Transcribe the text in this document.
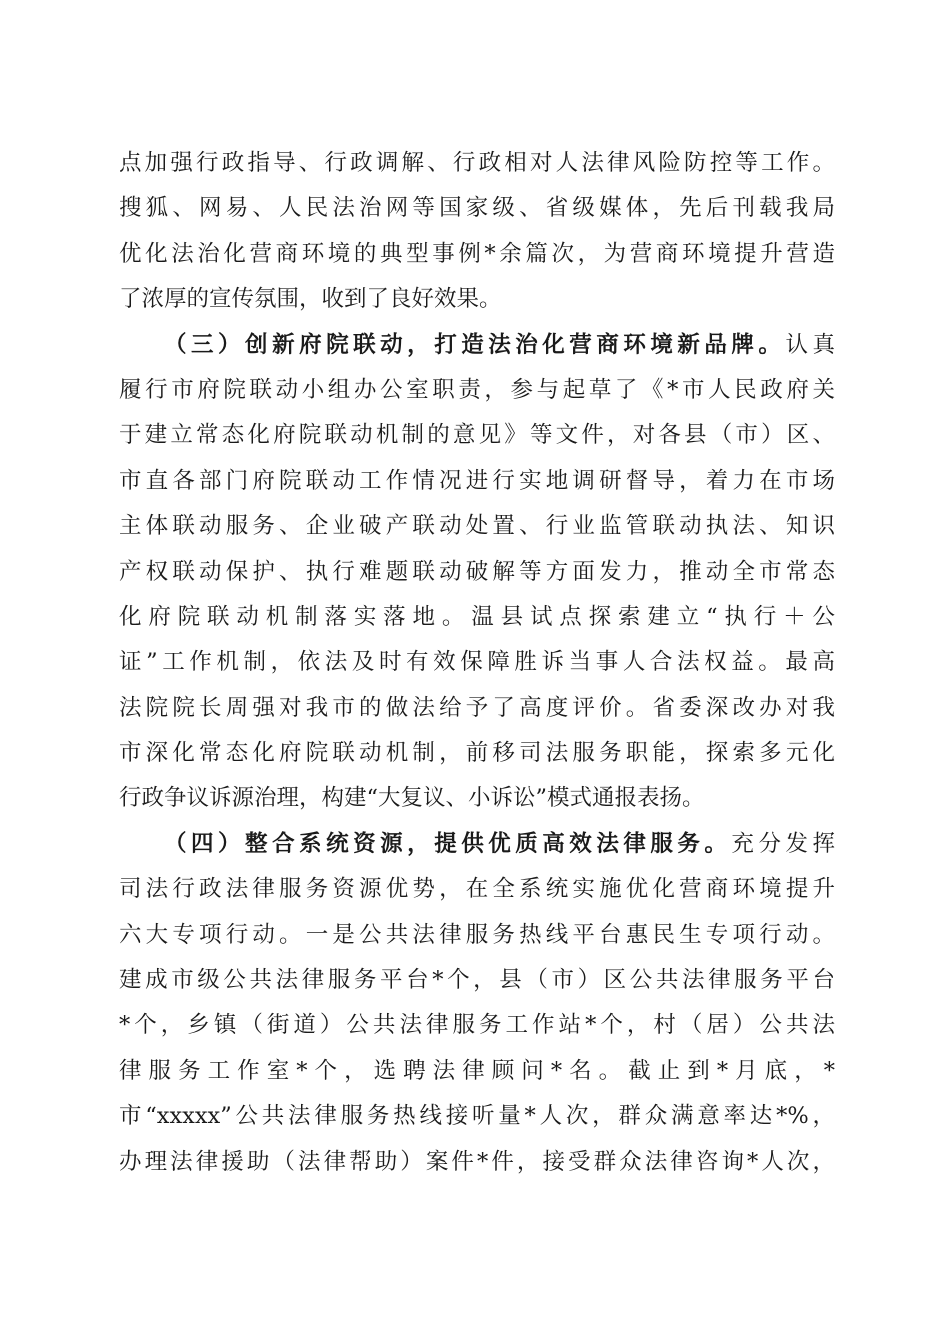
点加强行政指导、行政调解、行政相对人法律风险防控等工作。
搜狐、网易、人民法治网等国家级、省级媒体，先后刊载我局
优化法治化营商环境的典型事例*余篇次，为营商环境提升营造
了浓厚的宣传氛围，收到了良好效果。
（三）创新府院联动，打造法治化营商环境新品牌。认真
履行市府院联动小组办公室职责，参与起草了《*市人民政府关
于建立常态化府院联动机制的意见》等文件，对各县（市）区、
市直各部门府院联动工作情况进行实地调研督导，着力在市场
主体联动服务、企业破产联动处置、行业监管联动执法、知识
产权联动保护、执行难题联动破解等方面发力，推动全市常态
化府院联动机制落实落地。温县试点探索建立“执行＋公
证”工作机制，依法及时有效保障胜诉当事人合法权益。最高
法院院长周强对我市的做法给予了高度评价。省委深改办对我
市深化常态化府院联动机制，前移司法服务职能，探索多元化
行政争议诉源治理，构建“大复议、小诉讼”模式通报表扬。
（四）整合系统资源，提供优质高效法律服务。充分发挥
司法行政法律服务资源优势，在全系统实施优化营商环境提升
六大专项行动。一是公共法律服务热线平台惠民生专项行动。
建成市级公共法律服务平台*个，县（市）区公共法律服务平台
*个，乡镇（街道）公共法律服务工作站*个，村（居）公共法
律服务工作室*个，选聘法律顾问*名。截止到*月底，*
市“xxxxx”公共法律服务热线接听量*人次，群众满意率达*%，
办理法律援助（法律帮助）案件*件，接受群众法律咨询*人次，
